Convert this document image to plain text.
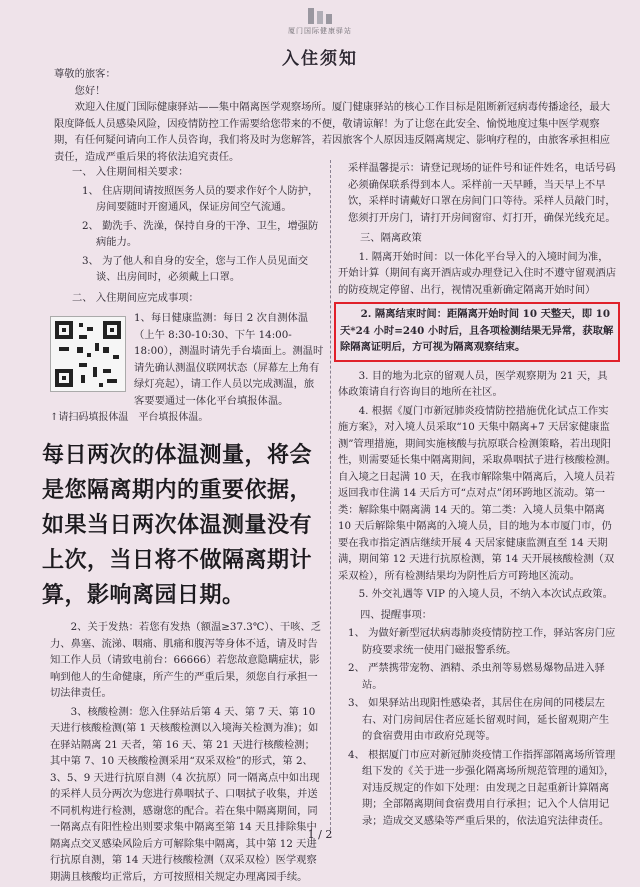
厦门国际健康驿站
入住须知

尊敬的旅客：

您好！

欢迎入住厦门国际健康驿站——集中隔离医学观察场所。厦门健康驿站的核心工作目标是阻断新冠病毒传播途径，最大限度降低人员感染风险，因疫情防控工作需要给您带来的不便，敬请谅解！为了让您在此安全、愉悦地度过集中医学观察期，有任何疑问请向工作人员咨询，我们将及时为您解答，若因旅客个人原因违反隔离规定、影响疗程的，由旅客承担相应责任，造成严重后果的将依法追究责任。

一、 入住期间相关要求：
1、 住店期间请按照医务人员的要求作好个人防护，房间要随时开窗通风，保证房间空气流通。
2、 勤洗手、洗澡，保持自身的干净、卫生，增强防病能力。
3、 为了他人和自身的安全，您与工作人员见面交谈、出房间时，必须戴上口罩。
二、 入住期间应完成事项：
1、每日健康监测：每日 2 次自测体温（上午 8:30-10:30、下午 14:00-18:00），测温时请先手台墙面上。测温时请先确认测温仪联网状态（屏幕左上角有绿灯亮起），请工作人员以完成测温，旅客要要通过一体化平台填报体温。
↑请扫码填报体温　平台填报体温。
每日两次的体温测量，将会是您隔离期内的重要依据，如果当日两次体温测量没有上次，当日将不做隔离期计算，影响离园日期。
2、关于发热：若您有发热（额温≥37.3℃）、干咳、乏力、鼻塞、流涕、咽痛、肌痛和腹泻等身体不适，请及时告知工作人员（请致电前台：66666）若您故意隐瞒症状，影响到他人的生命健康，所产生的严重后果，须您自行承担一切法律责任。
3、核酸检测：您入住驿站后第 4 天、第 7 天、第 10 天进行核酸检测(第 1 天核酸检测以入境海关检测为准)；如在驿站隔离 21 天者，第 16 天、第 21 天进行核酸检测；其中第 7、10 天核酸检测采用“双采双检”的形式，第 2、3、5、9 天进行抗原自测（4 次抗原）同一隔离点中如出现的采样人员分两次为您进行鼻咽拭子、口咽拭子收集，并送不同机构进行检测，感谢您的配合。若在集中隔离期间，同一隔离点有阳性检出则要求集中隔离至第 14 天且排除集中隔离点交叉感染风险后方可解除集中隔离，其中第 12 天进行抗原自测，第 14 天进行核酸检测（双采双检）医学观察期满且核酸均正常后，方可按照相关规定办理离园手续。
采样温馨提示：请登记现场的证件号和证件姓名，电话号码必须确保联系得到本人。采样前一天早睡，当天早上不早饮，采样时请戴好口罩在房间门口等待。采样人员敲门时，您须打开房门，请打开房间窗帘、灯打开，确保光线充足。
三、隔离政策
1. 隔离开始时间：以一体化平台导入的入境时间为准，开始计算（期间有离开酒店或办理登记入住时不遵守留观酒店的防疫规定停留、出行，视情况重新确定隔离开始时间）
2. 隔离结束时间：距隔离开始时间 10 天整天，即 10 天*24 小时=240 小时后，且各项检测结果无异常，获取解除隔离证明后，方可视为隔离观察结束。
3. 目的地为北京的留观人员，医学观察期为 21 天，具体政策请自行咨询目的地所在社区。
4. 根据《厦门市新冠肺炎疫情防控措施优化试点工作实施方案》，对入境人员采取“10 天集中隔离+7 天居家健康监测”管理措施，期间实施核酸与抗原联合检测策略，若出现阳性，则需要延长集中隔离期间，采取鼻咽拭子进行核酸检测。自入境之日起满 10 天，在我市解除集中隔离后，入境人员若返回我市住满 14 天后方可“点对点”闭环跨地区流动。第一类：解除集中隔离满 14 天的。第二类：入境人员集中隔离 10 天后解除集中隔离的入境人员，目的地为本市厦门市，仍要在我市指定酒店继续开展 4 天居家健康监测直至 14 天期满，期间第 12 天进行抗原检测，第 14 天开展核酸检测（双采双检），所有检测结果均为阴性后方可跨地区流动。
5. 外交礼遇等 VIP 的入境人员，不纳入本次试点政策。
四、提醒事项：
1、 为做好新型冠状病毒肺炎疫情防控工作，驿站客房门应防疫要求统一使用门磁报警系统。
2、 严禁携带宠物、酒精、杀虫剂等易燃易爆物品进入驿站。
3、 如果驿站出现阳性感染者，其居住在房间的同楼层左右、对门房间居住者应延长留观时间，延长留观期产生的食宿费用由市政府兑现等。
4、 根据厦门市应对新冠肺炎疫情工作指挥部隔离场所管理组下发的《关于进一步强化隔离场所规范管理的通知》，对违反规定的作如下处理：由发现之日起重新计算隔离期；全部隔离期间食宿费用自行承担；记入个人信用记录；造成交叉感染等严重后果的，依法追究法律责任。
1 / 2
